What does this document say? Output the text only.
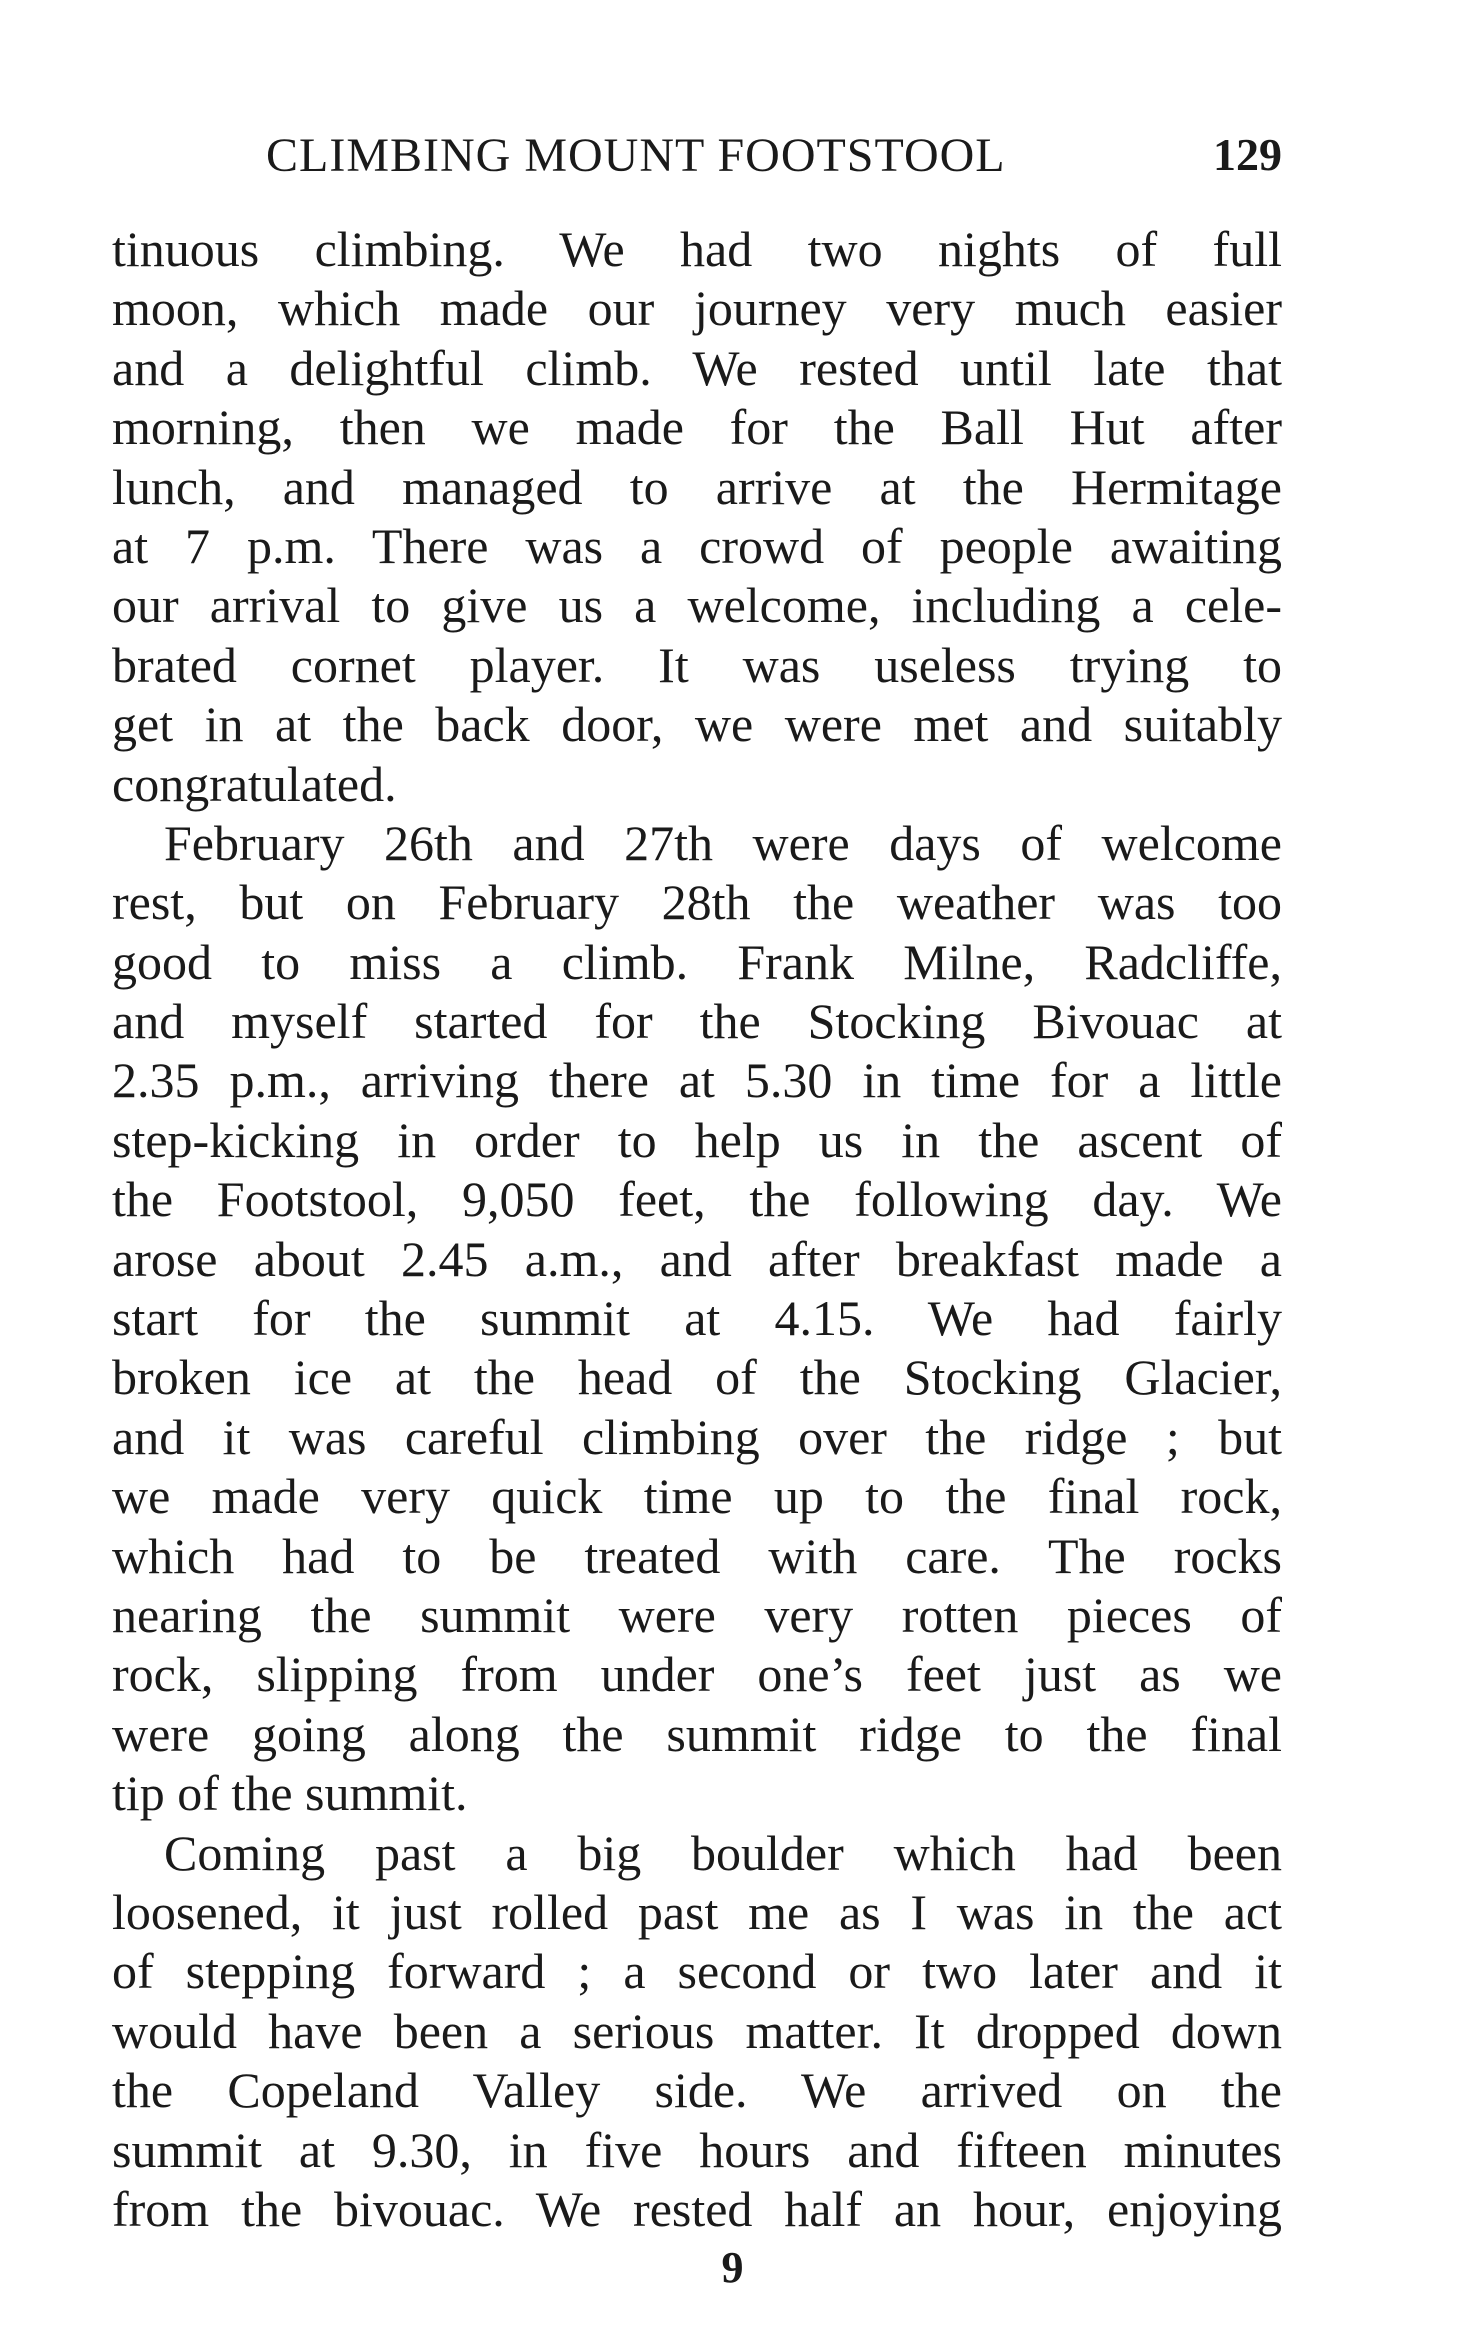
CLIMBING MOUNT FOOTSTOOL	129
tinuous climbing. We had two nights of full
moon, which made our journey very much easier
and a delightful climb. We rested until late that
morning, then we made for the Ball Hut after
lunch, and managed to arrive at the Hermitage
at 7 p.m. There was a crowd of people awaiting
our arrival to give us a welcome, including a cele-
brated cornet player. It was useless trying to
get in at the back door, we were met and suitably
congratulated.
February 26th and 27th were days of welcome
rest, but on February 28th the weather was too
good to miss a climb. Frank Milne, Radcliffe,
and myself started for the Stocking Bivouac at
2.35 p.m., arriving there at 5.30 in time for a little
step-kicking in order to help us in the ascent of
the Footstool, 9,050 feet, the following day. We
arose about 2.45 a.m., and after breakfast made a
start for the summit at 4.15. We had fairly
broken ice at the head of the Stocking Glacier,
and it was careful climbing over the ridge ; but
we made very quick time up to the final rock,
which had to be treated with care. The rocks
nearing the summit were very rotten pieces of
rock, slipping from under one’s feet just as we
were going along the summit ridge to the final
tip of the summit.
Coming past a big boulder which had been
loosened, it just rolled past me as I was in the act
of stepping forward ; a second or two later and it
would have been a serious matter. It dropped down
the Copeland Valley side. We arrived on the
summit at 9.30, in five hours and fifteen minutes
from the bivouac. We rested half an hour, enjoying
9
